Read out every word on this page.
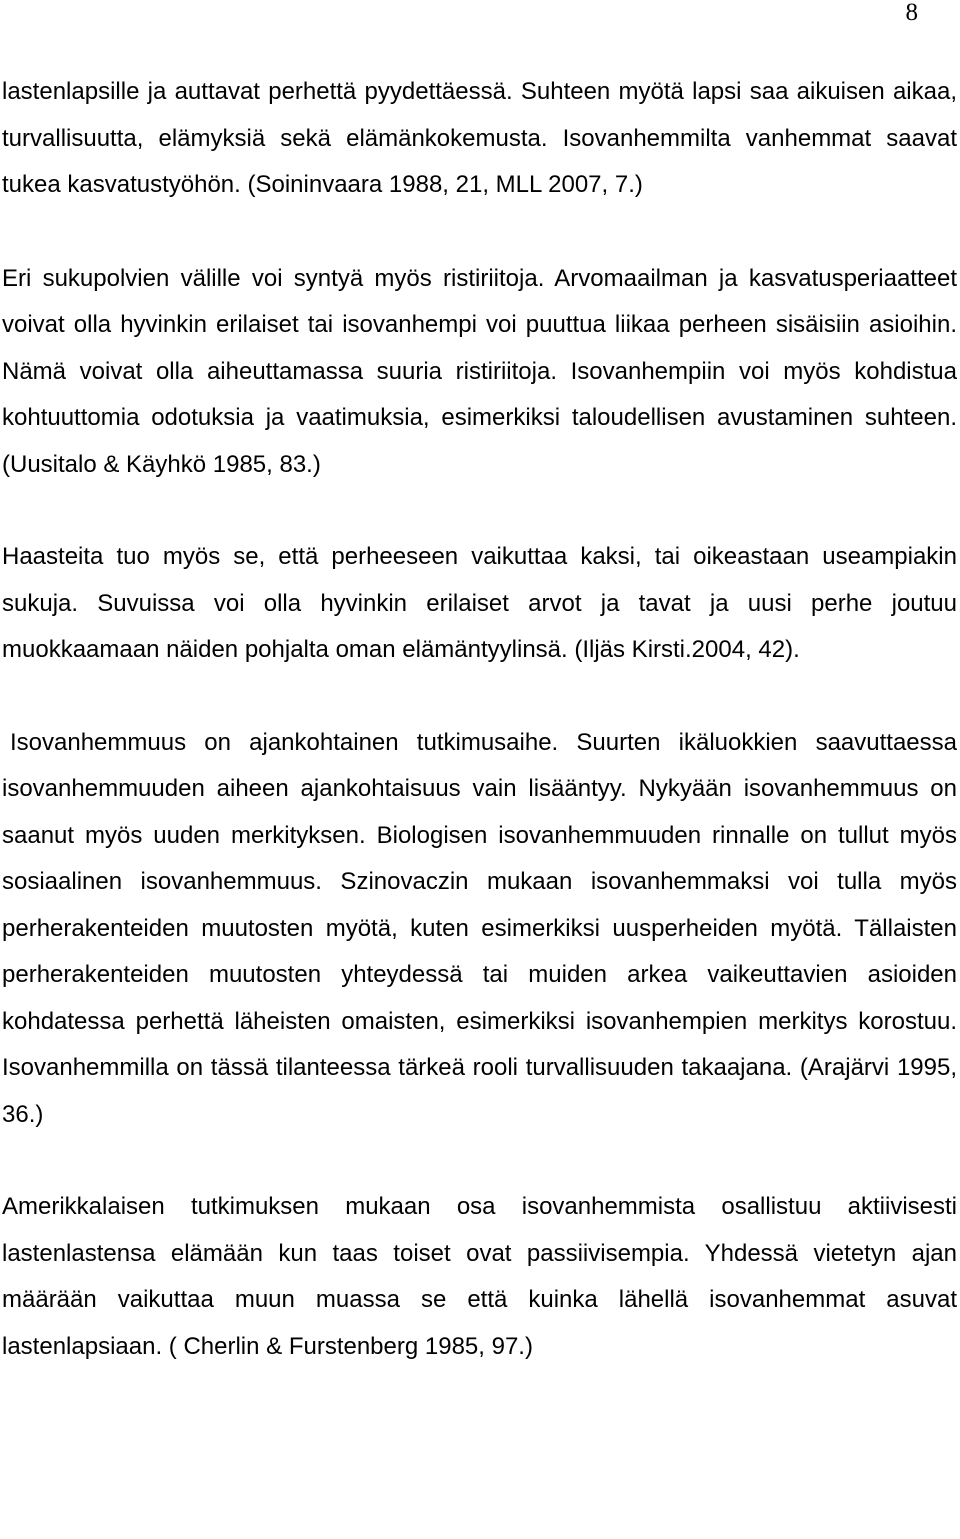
8

lastenlapsille ja auttavat perhettä pyydettäessä. Suhteen myötä lapsi saa aikuisen aikaa, turvallisuutta, elämyksiä sekä elämänkokemusta. Isovanhemmilta vanhemmat saavat tukea kasvatustyöhön. (Soininvaara 1988, 21, MLL 2007, 7.)

Eri sukupolvien välille voi syntyä myös ristiriitoja. Arvomaailman ja kasvatusperiaatteet voivat olla hyvinkin erilaiset tai isovanhempi voi puuttua liikaa perheen sisäisiin asioihin. Nämä voivat olla aiheuttamassa suuria ristiriitoja. Isovanhempiin voi myös kohdistua kohtuuttomia odotuksia ja vaatimuksia, esimerkiksi taloudellisen avustaminen suhteen. (Uusitalo & Käyhkö 1985, 83.)

Haasteita tuo myös se, että perheeseen vaikuttaa kaksi, tai oikeastaan useampiakin sukuja. Suvuissa voi olla hyvinkin erilaiset arvot ja tavat ja uusi perhe joutuu muokkaamaan näiden pohjalta oman elämäntyylinsä. (Iljäs Kirsti.2004, 42).

Isovanhemmuus on ajankohtainen tutkimusaihe. Suurten ikäluokkien saavuttaessa isovanhemmuuden aiheen ajankohtaisuus vain lisääntyy. Nykyään isovanhemmuus on saanut myös uuden merkityksen. Biologisen isovanhemmuuden rinnalle on tullut myös sosiaalinen isovanhemmuus. Szinovaczin mukaan isovanhemmaksi voi tulla myös perherakenteiden muutosten myötä, kuten esimerkiksi uusperheiden myötä. Tällaisten perherakenteiden muutosten yhteydessä tai muiden arkea vaikeuttavien asioiden kohdatessa perhettä läheisten omaisten, esimerkiksi isovanhempien merkitys korostuu. Isovanhemmilla on tässä tilanteessa tärkeä rooli turvallisuuden takaajana. (Arajärvi 1995, 36.)

Amerikkalaisen tutkimuksen mukaan osa isovanhemmista osallistuu aktiivisesti lastenlastensa elämään kun taas toiset ovat passiivisempia. Yhdessä vietetyn ajan määrään vaikuttaa muun muassa se että kuinka lähellä isovanhemmat asuvat lastenlapsiaan. ( Cherlin & Furstenberg 1985, 97.)
